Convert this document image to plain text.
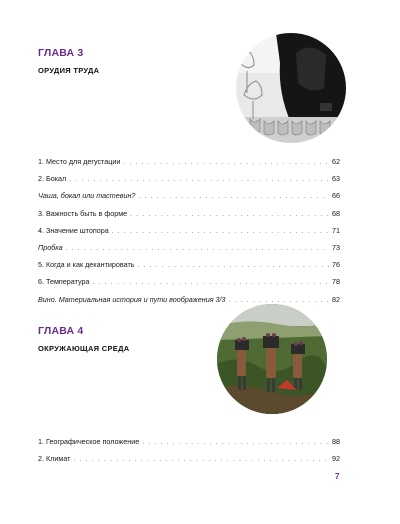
ГЛАВА 3
ОРУДИЯ ТРУДА
1. Место для дегустации . . .	62
2. Бокал . . .	63
Чаша, бокал или тастевин? . . .	66
3. Важность быть в форме . . .	68
4. Значение штопора . . .	71
Пробка . . .	73
5. Когда и как декантировать . . .	76
6. Температура . . .	78
Вино. Материальная история и пути воображения 3/3 . . .	82
ГЛАВА 4
ОКРУЖАЮЩАЯ СРЕДА
1. Географическое положение . . .	88
2. Климат . . .	92
7
